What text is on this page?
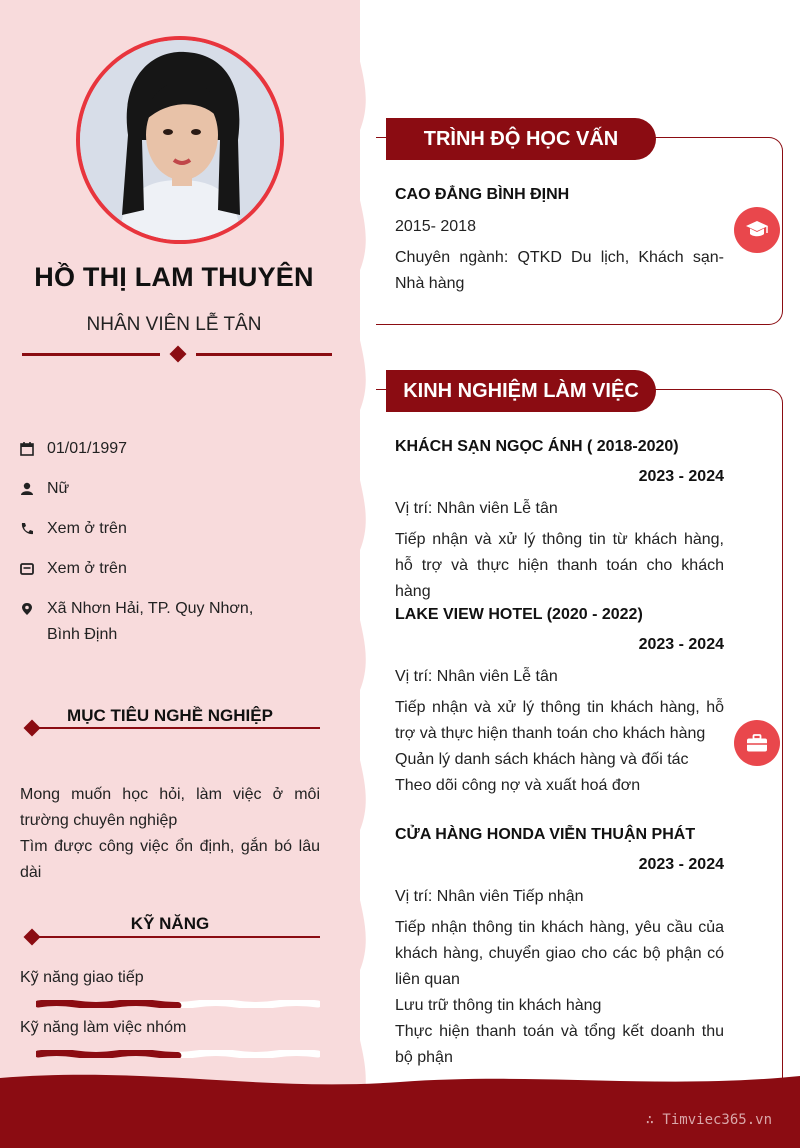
HỒ THỊ LAM THUYÊN
NHÂN VIÊN LỄ TÂN
01/01/1997
Nữ
Xem ở trên
Xem ở trên
Xã Nhơn Hải, TP. Quy Nhơn, Bình Định
MỤC TIÊU NGHỀ NGHIỆP
Mong muốn học hỏi, làm việc ở môi trường chuyên nghiệp
Tìm được công việc ổn định, gắn bó lâu dài
KỸ NĂNG
Kỹ năng giao tiếp
Kỹ năng làm việc nhóm
TRÌNH ĐỘ HỌC VẤN
CAO ĐẲNG BÌNH ĐỊNH
2015- 2018
Chuyên ngành: QTKD Du lịch, Khách sạn- Nhà hàng
KINH NGHIỆM LÀM VIỆC
KHÁCH SẠN NGỌC ÁNH ( 2018-2020)
2023 - 2024
Vị trí: Nhân viên Lễ tân
Tiếp nhận và xử lý thông tin từ khách hàng, hỗ trợ và thực hiện thanh toán cho khách hàng
LAKE VIEW HOTEL (2020 - 2022)
2023 - 2024
Vị trí: Nhân viên Lễ tân
Tiếp nhận và xử lý thông tin khách hàng, hỗ trợ và thực hiện thanh toán cho khách hàng
Quản lý danh sách khách hàng và đối tác
Theo dõi công nợ và xuất hoá đơn
CỬA HÀNG HONDA VIỄN THUẬN PHÁT
2023 - 2024
Vị trí: Nhân viên Tiếp nhận
Tiếp nhận thông tin khách hàng, yêu cầu của khách hàng, chuyển giao cho các bộ phận có liên quan
Lưu trữ thông tin khách hàng
Thực hiện thanh toán và tổng kết doanh thu bộ phận
∴ Timviec365.vn
